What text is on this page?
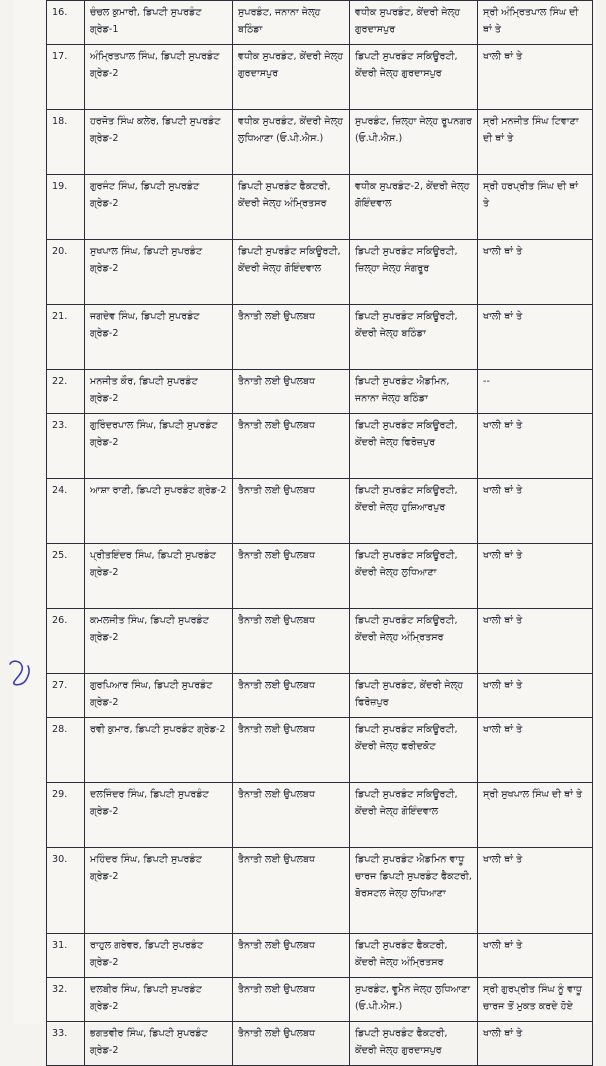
16.	ਚੰਚਲ ਕੁਮਾਰੀ, ਡਿਪਟੀ ਸੁਪਰਡੰਟ ਗ੍ਰੇਡ-1	ਸੁਪਰਡੰਟ, ਜਨਾਨਾ ਜੇਲ੍ਹ ਬਠਿੰਡਾ	ਵਧੀਕ ਸੁਪਰਡੰਟ, ਕੇਂਦਰੀ ਜੇਲ੍ਹ ਗੁਰਦਾਸਪੁਰ	ਸ੍ਰੀ ਅੰਮ੍ਰਿਤਪਾਲ ਸਿੰਘ ਦੀ ਥਾਂ ਤੇ
17.	ਅੰਮ੍ਰਿਤਪਾਲ ਸਿੰਘ, ਡਿਪਟੀ ਸੁਪਰਡੰਟ ਗ੍ਰੇਡ-2	ਵਧੀਕ ਸੁਪਰਡੰਟ, ਕੇਂਦਰੀ ਜੇਲ੍ਹ ਗੁਰਦਾਸਪੁਰ	ਡਿਪਟੀ ਸੁਪਰਡੰਟ ਸਕਿਊਰਟੀ, ਕੇਂਦਰੀ ਜੇਲ੍ਹ ਗੁਰਦਾਸਪੁਰ	ਖਾਲੀ ਥਾਂ ਤੇ
18.	ਹਰਜੋਤ ਸਿੰਘ ਕਲੇਰ, ਡਿਪਟੀ ਸੁਪਰਡੰਟ ਗ੍ਰੇਡ-2	ਵਧੀਕ ਸੁਪਰਡੰਟ, ਕੇਂਦਰੀ ਜੇਲ੍ਹ ਲੁਧਿਆਣਾ (ਓ.ਪੀ.ਐਸ.)	ਸੁਪਰਡੰਟ, ਜ਼ਿਲ੍ਹਾ ਜੇਲ੍ਹ ਰੂਪਨਗਰ (ਓ.ਪੀ.ਐਸ.)	ਸ੍ਰੀ ਮਨਜੀਤ ਸਿੰਘ ਟਿਵਾਣਾ ਦੀ ਥਾਂ ਤੇ
19.	ਗੁਰਜੰਟ ਸਿੰਘ, ਡਿਪਟੀ ਸੁਪਰਡੰਟ ਗ੍ਰੇਡ-2	ਡਿਪਟੀ ਸੁਪਰਡੰਟ ਫੈਕਟਰੀ, ਕੇਂਦਰੀ ਜੇਲ੍ਹ ਅੰਮ੍ਰਿਤਸਰ	ਵਧੀਕ ਸੁਪਰਡੰਟ-2, ਕੇਂਦਰੀ ਜੇਲ੍ਹ ਗੋਇੰਦਵਾਲ	ਸ੍ਰੀ ਹਰਪ੍ਰੀਤ ਸਿੰਘ ਦੀ ਥਾਂ ਤੇ
20.	ਸੁਖਪਾਲ ਸਿੰਘ, ਡਿਪਟੀ ਸੁਪਰਡੰਟ ਗ੍ਰੇਡ-2	ਡਿਪਟੀ ਸੁਪਰਡੰਟ ਸਕਿਊਰਟੀ, ਕੇਂਦਰੀ ਜੇਲ੍ਹ ਗੋਇੰਦਵਾਲ	ਡਿਪਟੀ ਸੁਪਰਡੰਟ ਸਕਿਊਰਟੀ, ਜ਼ਿਲ੍ਹਾ ਜੇਲ੍ਹ ਸੰਗਰੂਰ	ਖਾਲੀ ਥਾਂ ਤੇ
21.	ਜਗਦੇਵ ਸਿੰਘ, ਡਿਪਟੀ ਸੁਪਰਡੰਟ ਗ੍ਰੇਡ-2	ਤੈਨਾਤੀ ਲਈ ਉਪਲਬਧ	ਡਿਪਟੀ ਸੁਪਰਡੰਟ ਸਕਿਊਰਟੀ, ਕੇਂਦਰੀ ਜੇਲ੍ਹ ਬਠਿੰਡਾ	ਖਾਲੀ ਥਾਂ ਤੇ
22.	ਮਨਜੀਤ ਕੌਰ, ਡਿਪਟੀ ਸੁਪਰਡੰਟ ਗ੍ਰੇਡ-2	ਤੈਨਾਤੀ ਲਈ ਉਪਲਬਧ	ਡਿਪਟੀ ਸੁਪਰਡੰਟ ਐਡਮਿਨ, ਜਨਾਨਾ ਜੇਲ੍ਹ ਬਠਿੰਡਾ	--
23.	ਗੁਰਿੰਦਰਪਾਲ ਸਿੰਘ, ਡਿਪਟੀ ਸੁਪਰਡੰਟ ਗ੍ਰੇਡ-2	ਤੈਨਾਤੀ ਲਈ ਉਪਲਬਧ	ਡਿਪਟੀ ਸੁਪਰਡੰਟ ਸਕਿਊਰਟੀ, ਕੇਂਦਰੀ ਜੇਲ੍ਹ ਫਿਰੋਜ਼ਪੁਰ	ਖਾਲੀ ਥਾਂ ਤੇ
24.	ਆਸ਼ਾ ਰਾਣੀ, ਡਿਪਟੀ ਸੁਪਰਡੰਟ ਗ੍ਰੇਡ-2	ਤੈਨਾਤੀ ਲਈ ਉਪਲਬਧ	ਡਿਪਟੀ ਸੁਪਰਡੰਟ ਸਕਿਊਰਟੀ, ਕੇਂਦਰੀ ਜੇਲ੍ਹ ਹੁਸ਼ਿਆਰਪੁਰ	ਖਾਲੀ ਥਾਂ ਤੇ
25.	ਪ੍ਰੀਤਇੰਦਰ ਸਿੰਘ, ਡਿਪਟੀ ਸੁਪਰਡੰਟ ਗ੍ਰੇਡ-2	ਤੈਨਾਤੀ ਲਈ ਉਪਲਬਧ	ਡਿਪਟੀ ਸੁਪਰਡੰਟ ਸਕਿਊਰਟੀ, ਕੇਂਦਰੀ ਜੇਲ੍ਹ ਲੁਧਿਆਣਾ	ਖਾਲੀ ਥਾਂ ਤੇ
26.	ਕਮਲਜੀਤ ਸਿੰਘ, ਡਿਪਟੀ ਸੁਪਰਡੰਟ ਗ੍ਰੇਡ-2	ਤੈਨਾਤੀ ਲਈ ਉਪਲਬਧ	ਡਿਪਟੀ ਸੁਪਰਡੰਟ ਸਕਿਊਰਟੀ, ਕੇਂਦਰੀ ਜੇਲ੍ਹ ਅੰਮ੍ਰਿਤਸਰ	ਖਾਲੀ ਥਾਂ ਤੇ
27.	ਗੁਰਪਿਆਰ ਸਿੰਘ, ਡਿਪਟੀ ਸੁਪਰਡੰਟ ਗ੍ਰੇਡ-2	ਤੈਨਾਤੀ ਲਈ ਉਪਲਬਧ	ਡਿਪਟੀ ਸੁਪਰਡੰਟ, ਕੇਂਦਰੀ ਜੇਲ੍ਹ ਫਿਰੋਜ਼ਪੁਰ	ਖਾਲੀ ਥਾਂ ਤੇ
28.	ਰਵੀ ਕੁਮਾਰ, ਡਿਪਟੀ ਸੁਪਰਡੰਟ ਗ੍ਰੇਡ-2	ਤੈਨਾਤੀ ਲਈ ਉਪਲਬਧ	ਡਿਪਟੀ ਸੁਪਰਡੰਟ ਸਕਿਊਰਟੀ, ਕੇਂਦਰੀ ਜੇਲ੍ਹ ਫਰੀਦਕੋਟ	ਖਾਲੀ ਥਾਂ ਤੇ
29.	ਦਲਜਿੰਦਰ ਸਿੰਘ, ਡਿਪਟੀ ਸੁਪਰਡੰਟ ਗ੍ਰੇਡ-2	ਤੈਨਾਤੀ ਲਈ ਉਪਲਬਧ	ਡਿਪਟੀ ਸੁਪਰਡੰਟ ਸਕਿਊਰਟੀ, ਕੇਂਦਰੀ ਜੇਲ੍ਹ ਗੋਇੰਦਵਾਲ	ਸ੍ਰੀ ਸੁਖਪਾਲ ਸਿੰਘ ਦੀ ਥਾਂ ਤੇ
30.	ਮਹਿੰਦਰ ਸਿੰਘ, ਡਿਪਟੀ ਸੁਪਰਡੰਟ ਗ੍ਰੇਡ-2	ਤੈਨਾਤੀ ਲਈ ਉਪਲਬਧ	ਡਿਪਟੀ ਸੁਪਰਡੰਟ ਐਡਮਿਨ ਵਾਧੂ ਚਾਰਜ ਡਿਪਟੀ ਸੁਪਰਡੰਟ ਫੈਕਟਰੀ, ਬੋਰਸਟਲ ਜੇਲ੍ਹ ਲੁਧਿਆਣਾ	ਖਾਲੀ ਥਾਂ ਤੇ
31.	ਰਾਹੁਲ ਗਰੇਵਰ, ਡਿਪਟੀ ਸੁਪਰਡੰਟ ਗ੍ਰੇਡ-2	ਤੈਨਾਤੀ ਲਈ ਉਪਲਬਧ	ਡਿਪਟੀ ਸੁਪਰਡੰਟ ਫੈਕਟਰੀ, ਕੇਂਦਰੀ ਜੇਲ੍ਹ ਅੰਮ੍ਰਿਤਸਰ	ਖਾਲੀ ਥਾਂ ਤੇ
32.	ਦਲਬੀਰ ਸਿੰਘ, ਡਿਪਟੀ ਸੁਪਰਡੰਟ ਗ੍ਰੇਡ-2	ਤੈਨਾਤੀ ਲਈ ਉਪਲਬਧ	ਸੁਪਰਡੰਟ, ਵੂਮੈਨ ਜੇਲ੍ਹ ਲੁਧਿਆਣਾ (ਓ.ਪੀ.ਐਸ.)	ਸ੍ਰੀ ਗੁਰਪ੍ਰੀਤ ਸਿੰਘ ਨੂੰ ਵਾਧੂ ਚਾਰਜ ਤੋਂ ਮੁਕਤ ਕਰਦੇ ਹੋਏ
33.	ਭਗਤਵੀਰ ਸਿੰਘ, ਡਿਪਟੀ ਸੁਪਰਡੰਟ ਗ੍ਰੇਡ-2	ਤੈਨਾਤੀ ਲਈ ਉਪਲਬਧ	ਡਿਪਟੀ ਸੁਪਰਡੰਟ ਫੈਕਟਰੀ, ਕੇਂਦਰੀ ਜੇਲ੍ਹ ਗੁਰਦਾਸਪੁਰ	ਖਾਲੀ ਥਾਂ ਤੇ
